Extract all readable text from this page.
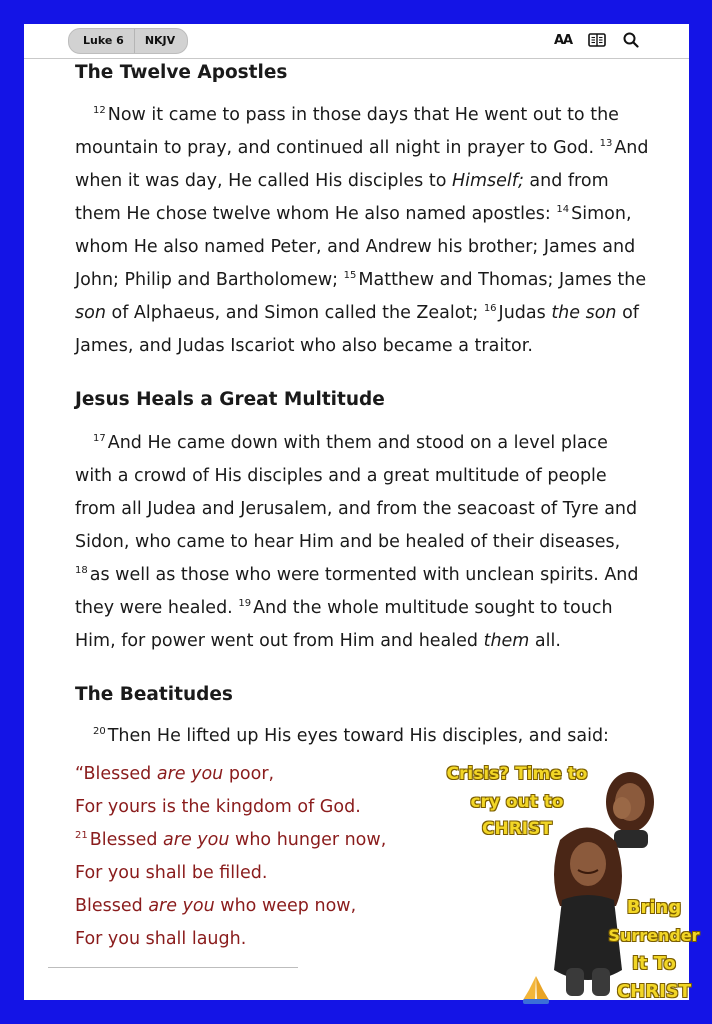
Luke 6	NKJV	AA
The Twelve Apostles

$^{12}$ Now it came to pass in those days that He went out to the mountain to pray, and continued all night in prayer to God. $^{13}$ And when it was day, He called His disciples to Himself; and from them He chose twelve whom He also named apostles: $^{14}$ Simon, whom He also named Peter, and Andrew his brother; James and John; Philip and Bartholomew; $^{15}$ Matthew and Thomas; James the son of Alphaeus, and Simon called the Zealot; $^{16}$ Judas the son of James, and Judas Iscariot who also became a traitor.

Jesus Heals a Great Multitude

$^{17}$ And He came down with them and stood on a level place with a crowd of His disciples and a great multitude of people from all Judea and Jerusalem, and from the seacoast of Tyre and Sidon, who came to hear Him and be healed of their diseases, $^{18}$ as well as those who were tormented with unclean spirits. And they were healed. $^{19}$ And the whole multitude sought to touch Him, for power went out from Him and healed them all.

The Beatitudes

$^{20}$ Then He lifted up His eyes toward His disciples, and said:

“Blessed are you poor,
For yours is the kingdom of God.
$^{21}$ Blessed are you who hunger now,
For you shall be filled.
Blessed are you who weep now,
For you shall laugh.
Crisis? Time to
cry out to
CHRIST
Bring
Surrender
It To
CHRIST
